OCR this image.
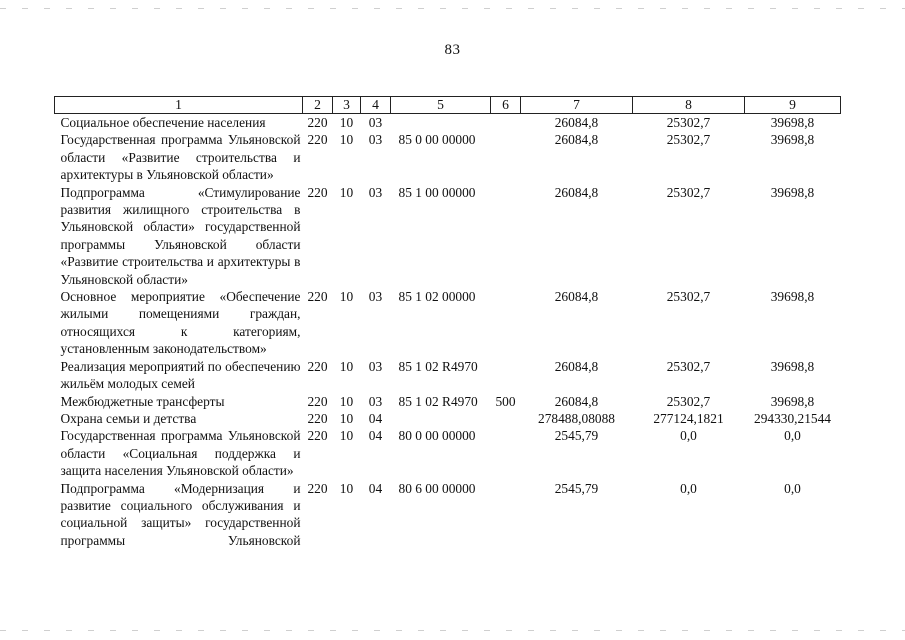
83
1	2	3	4	5	6	7	8	9
Социальное обеспечение населения	220	10	03			26084,8	25302,7	39698,8
Государственная программа Ульяновской области «Развитие строительства и архитектуры в Ульяновской области»	220	10	03	85 0 00 00000		26084,8	25302,7	39698,8
Подпрограмма «Стимулирование развития жилищного строительства в Ульяновской области» государственной программы Ульяновской области «Развитие строительства и архитектуры в Ульяновской области»	220	10	03	85 1 00 00000		26084,8	25302,7	39698,8
Основное мероприятие «Обеспечение жилыми помещениями граждан, относящихся к категориям, установленным законодательством»	220	10	03	85 1 02 00000		26084,8	25302,7	39698,8
Реализация мероприятий по обеспечению жильём молодых семей	220	10	03	85 1 02 R4970		26084,8	25302,7	39698,8
Межбюджетные трансферты	220	10	03	85 1 02 R4970	500	26084,8	25302,7	39698,8
Охрана семьи и детства	220	10	04			278488,08088	277124,1821	294330,21544
Государственная программа Ульяновской области «Социальная поддержка и защита населения Ульяновской области»	220	10	04	80 0 00 00000		2545,79	0,0	0,0
Подпрограмма «Модернизация и развитие социального обслуживания и социальной защиты» государственной программы Ульяновской	220	10	04	80 6 00 00000		2545,79	0,0	0,0
